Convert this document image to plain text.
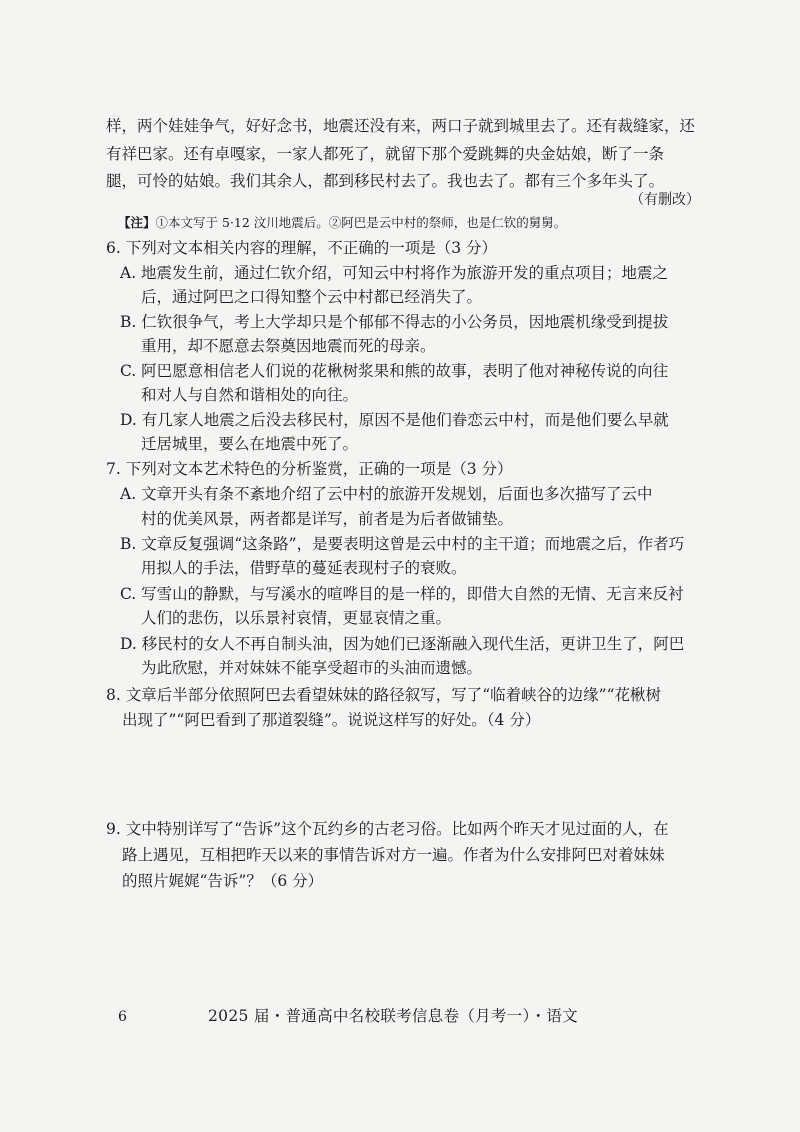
样，两个娃娃争气，好好念书，地震还没有来，两口子就到城里去了。还有裁缝家，还
有祥巴家。还有卓嘎家，一家人都死了，就留下那个爱跳舞的央金姑娘，断了一条
腿，可怜的姑娘。我们其余人，都到移民村去了。我也去了。都有三个多年头了。
（有删改）
【注】①本文写于 5·12 汶川地震后。②阿巴是云中村的祭师，也是仁钦的舅舅。
6. 下列对文本相关内容的理解，不正确的一项是（3 分）
A. 地震发生前，通过仁钦介绍，可知云中村将作为旅游开发的重点项目；地震之
后，通过阿巴之口得知整个云中村都已经消失了。
B. 仁钦很争气，考上大学却只是个郁郁不得志的小公务员，因地震机缘受到提拔
重用，却不愿意去祭奠因地震而死的母亲。
C. 阿巴愿意相信老人们说的花楸树浆果和熊的故事，表明了他对神秘传说的向往
和对人与自然和谐相处的向往。
D. 有几家人地震之后没去移民村，原因不是他们眷恋云中村，而是他们要么早就
迁居城里，要么在地震中死了。
7. 下列对文本艺术特色的分析鉴赏，正确的一项是（3 分）
A. 文章开头有条不紊地介绍了云中村的旅游开发规划，后面也多次描写了云中
村的优美风景，两者都是详写，前者是为后者做铺垫。
B. 文章反复强调“这条路”，是要表明这曾是云中村的主干道；而地震之后，作者巧
用拟人的手法，借野草的蔓延表现村子的衰败。
C. 写雪山的静默，与写溪水的喧哗目的是一样的，即借大自然的无情、无言来反衬
人们的悲伤，以乐景衬哀情，更显哀情之重。
D. 移民村的女人不再自制头油，因为她们已逐渐融入现代生活，更讲卫生了，阿巴
为此欣慰，并对妹妹不能享受超市的头油而遗憾。
8. 文章后半部分依照阿巴去看望妹妹的路径叙写，写了“临着峡谷的边缘”“花楸树
出现了”“阿巴看到了那道裂缝”。说说这样写的好处。（4 分）
9. 文中特别详写了“告诉”这个瓦约乡的古老习俗。比如两个昨天才见过面的人，在
路上遇见，互相把昨天以来的事情告诉对方一遍。作者为什么安排阿巴对着妹妹
的照片娓娓“告诉”？（6 分）
6	2025 届・普通高中名校联考信息卷（月考一）・语文
